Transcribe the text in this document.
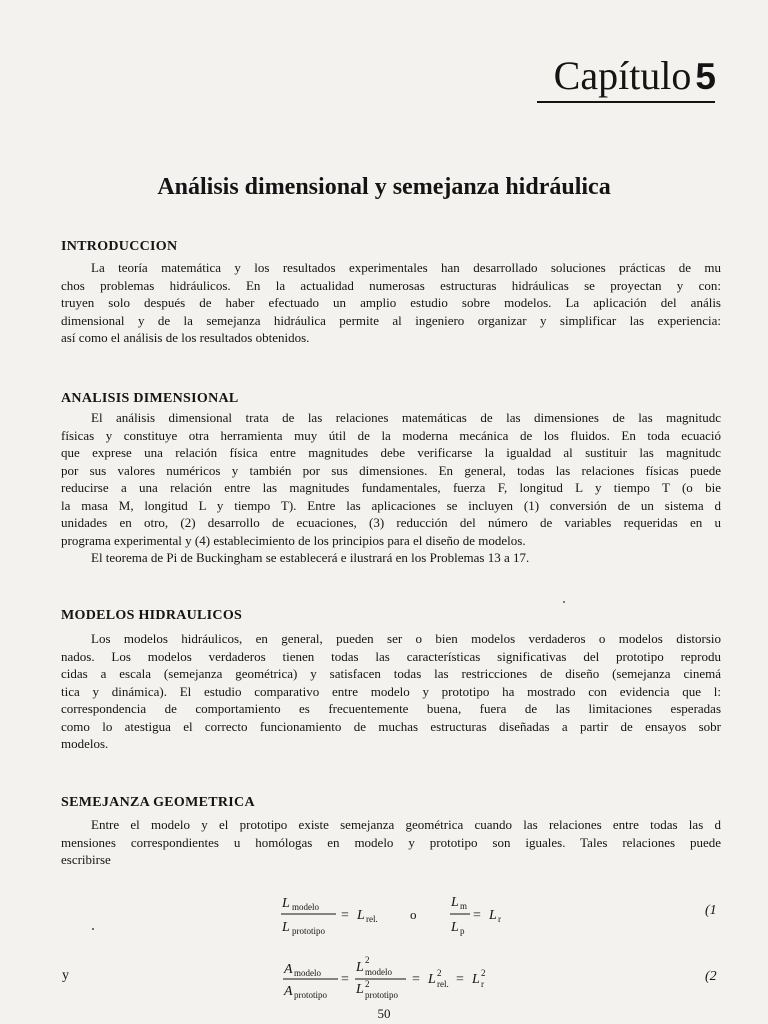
Capítulo 5
Análisis dimensional y semejanza hidráulica
INTRODUCCION
La teoría matemática y los resultados experimentales han desarrollado soluciones prácticas de mu
chos problemas hidráulicos. En la actualidad numerosas estructuras hidráulicas se proyectan y con:
truyen solo después de haber efectuado un amplio estudio sobre modelos. La aplicación del anális
dimensional y de la semejanza hidráulica permite al ingeniero organizar y simplificar las experiencia:
así como el análisis de los resultados obtenidos.
ANALISIS DIMENSIONAL
El análisis dimensional trata de las relaciones matemáticas de las dimensiones de las magnitudc
físicas y constituye otra herramienta muy útil de la moderna mecánica de los fluidos. En toda ecuació
que exprese una relación física entre magnitudes debe verificarse la igualdad al sustituir las magnitudc
por sus valores numéricos y también por sus dimensiones. En general, todas las relaciones físicas puede
reducirse a una relación entre las magnitudes fundamentales, fuerza F, longitud L y tiempo T (o bie
la masa M, longitud L y tiempo T). Entre las aplicaciones se incluyen (1) conversión de un sistema d
unidades en otro, (2) desarrollo de ecuaciones, (3) reducción del número de variables requeridas en u
programa experimental y (4) establecimiento de los principios para el diseño de modelos.
El teorema de Pi de Buckingham se establecerá e ilustrará en los Problemas 13 a 17.
MODELOS HIDRAULICOS
Los modelos hidráulicos, en general, pueden ser o bien modelos verdaderos o modelos distorsio
nados. Los modelos verdaderos tienen todas las características significativas del prototipo reprodu
cidas a escala (semejanza geométrica) y satisfacen todas las restricciones de diseño (semejanza cinemá
tica y dinámica). El estudio comparativo entre modelo y prototipo ha mostrado con evidencia que l:
correspondencia de comportamiento es frecuentemente buena, fuera de las limitaciones esperadas
como lo atestigua el correcto funcionamiento de muchas estructuras diseñadas a partir de ensayos sobr
modelos.
SEMEJANZA GEOMETRICA
Entre el modelo y el prototipo existe semejanza geométrica cuando las relaciones entre todas las d
mensiones correspondientes u homólogas en modelo y prototipo son iguales. Tales relaciones puede
escribirse
L modelo
L prototipo
= L rel. o
L m
L p
= L r
(1
y	A modelo
A prototipo
=
L 2
modelo
L 2
prototipo
= L 2
rel. = L 2
r	(2
50
